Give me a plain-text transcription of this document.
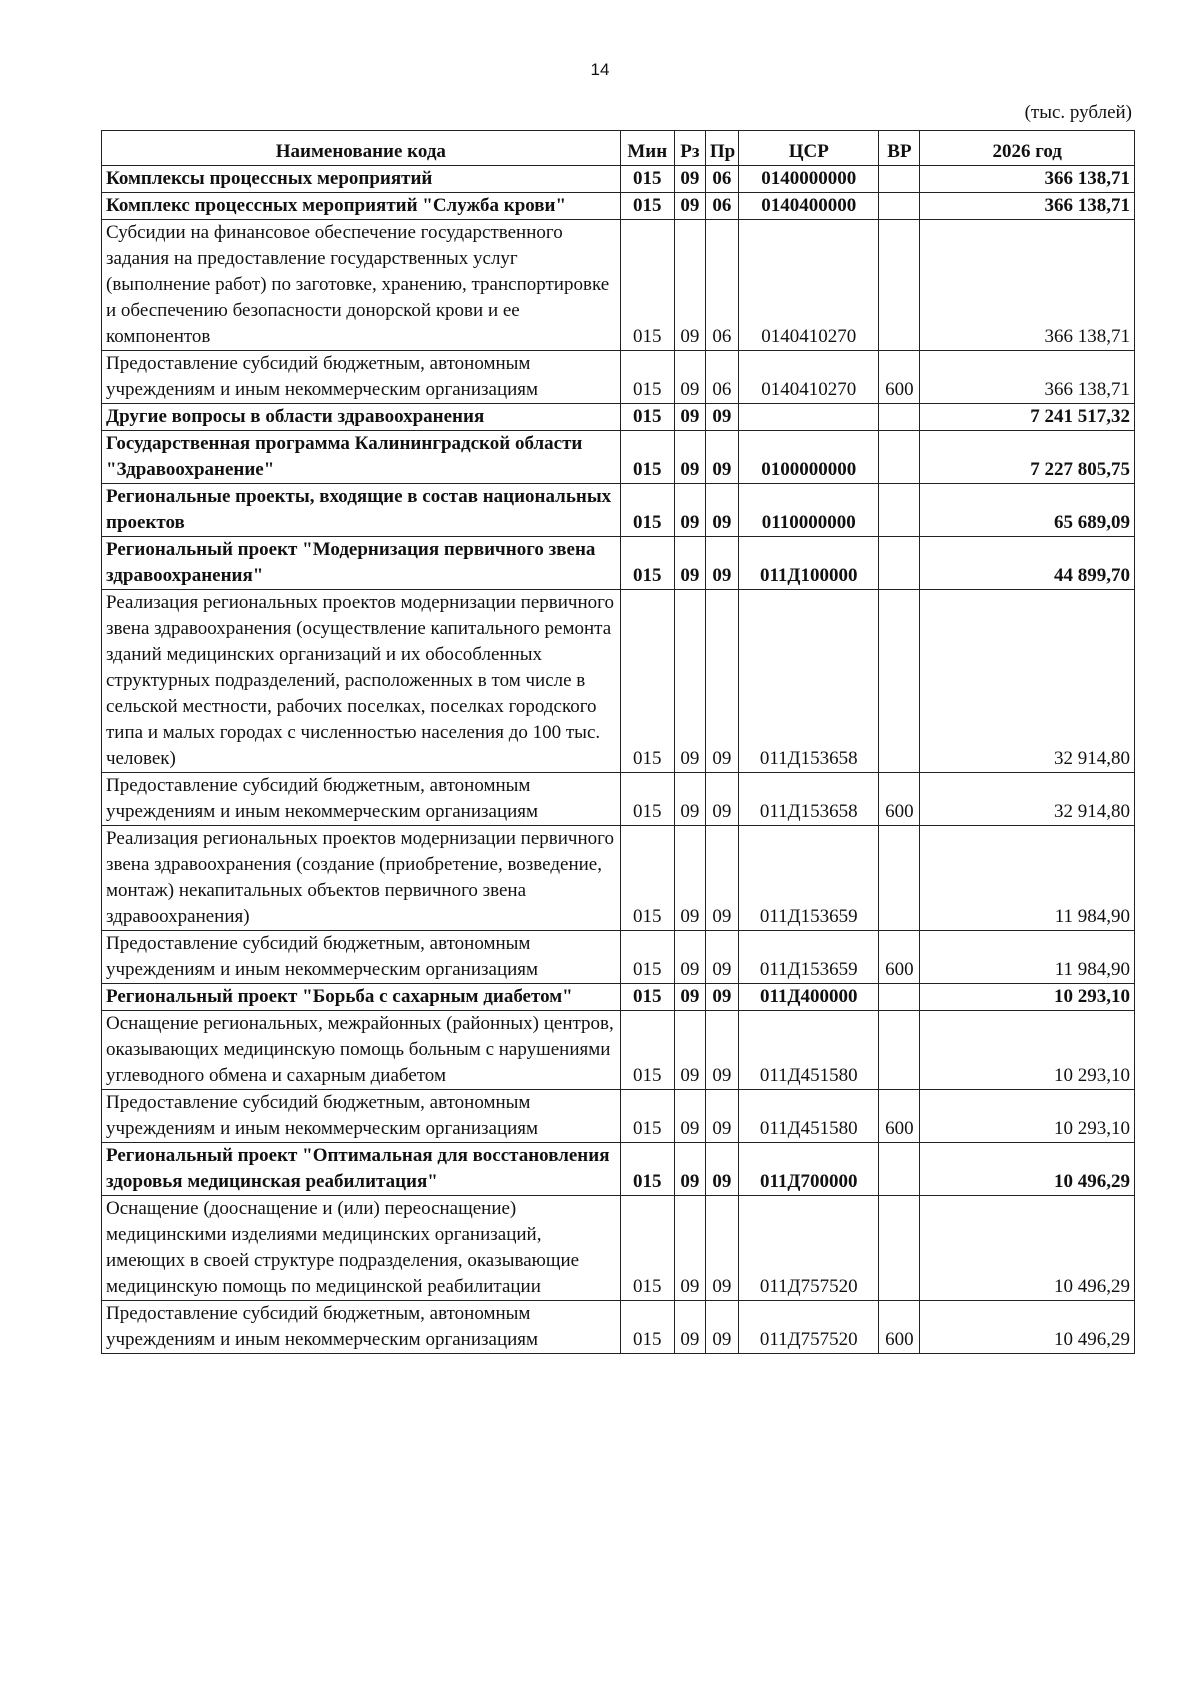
14
(тыс. рублей)
Наименование кода	Мин	Рз	Пр	ЦСР	ВР	2026 год
Комплексы процессных мероприятий	015	09	06	0140000000		366 138,71
Комплекс процессных мероприятий "Служба крови"	015	09	06	0140400000		366 138,71
Субсидии на финансовое обеспечение государственного задания на предоставление государственных услуг (выполнение работ) по заготовке, хранению, транспортировке и обеспечению безопасности донорской крови и ее компонентов	015	09	06	0140410270		366 138,71
Предоставление субсидий бюджетным, автономным учреждениям и иным некоммерческим организациям	015	09	06	0140410270	600	366 138,71
Другие вопросы в области здравоохранения	015	09	09			7 241 517,32
Государственная программа Калининградской области "Здравоохранение"	015	09	09	0100000000		7 227 805,75
Региональные проекты, входящие в состав национальных проектов	015	09	09	0110000000		65 689,09
Региональный проект "Модернизация первичного звена здравоохранения"	015	09	09	011Д100000		44 899,70
Реализация региональных проектов модернизации первичного звена здравоохранения (осуществление капитального ремонта зданий медицинских организаций и их обособленных структурных подразделений, расположенных в том числе в сельской местности, рабочих поселках, поселках городского типа и малых городах с численностью населения до 100 тыс. человек)	015	09	09	011Д153658		32 914,80
Предоставление субсидий бюджетным, автономным учреждениям и иным некоммерческим организациям	015	09	09	011Д153658	600	32 914,80
Реализация региональных проектов модернизации первичного звена здравоохранения (создание (приобретение, возведение, монтаж) некапитальных объектов первичного звена здравоохранения)	015	09	09	011Д153659		11 984,90
Предоставление субсидий бюджетным, автономным учреждениям и иным некоммерческим организациям	015	09	09	011Д153659	600	11 984,90
Региональный проект "Борьба с сахарным диабетом"	015	09	09	011Д400000		10 293,10
Оснащение региональных, межрайонных (районных) центров, оказывающих медицинскую помощь больным с нарушениями углеводного обмена и сахарным диабетом	015	09	09	011Д451580		10 293,10
Предоставление субсидий бюджетным, автономным учреждениям и иным некоммерческим организациям	015	09	09	011Д451580	600	10 293,10
Региональный проект "Оптимальная для восстановления здоровья медицинская реабилитация"	015	09	09	011Д700000		10 496,29
Оснащение (дооснащение и (или) переоснащение) медицинскими изделиями медицинских организаций, имеющих в своей структуре подразделения, оказывающие медицинскую помощь по медицинской реабилитации	015	09	09	011Д757520		10 496,29
Предоставление субсидий бюджетным, автономным учреждениям и иным некоммерческим организациям	015	09	09	011Д757520	600	10 496,29
